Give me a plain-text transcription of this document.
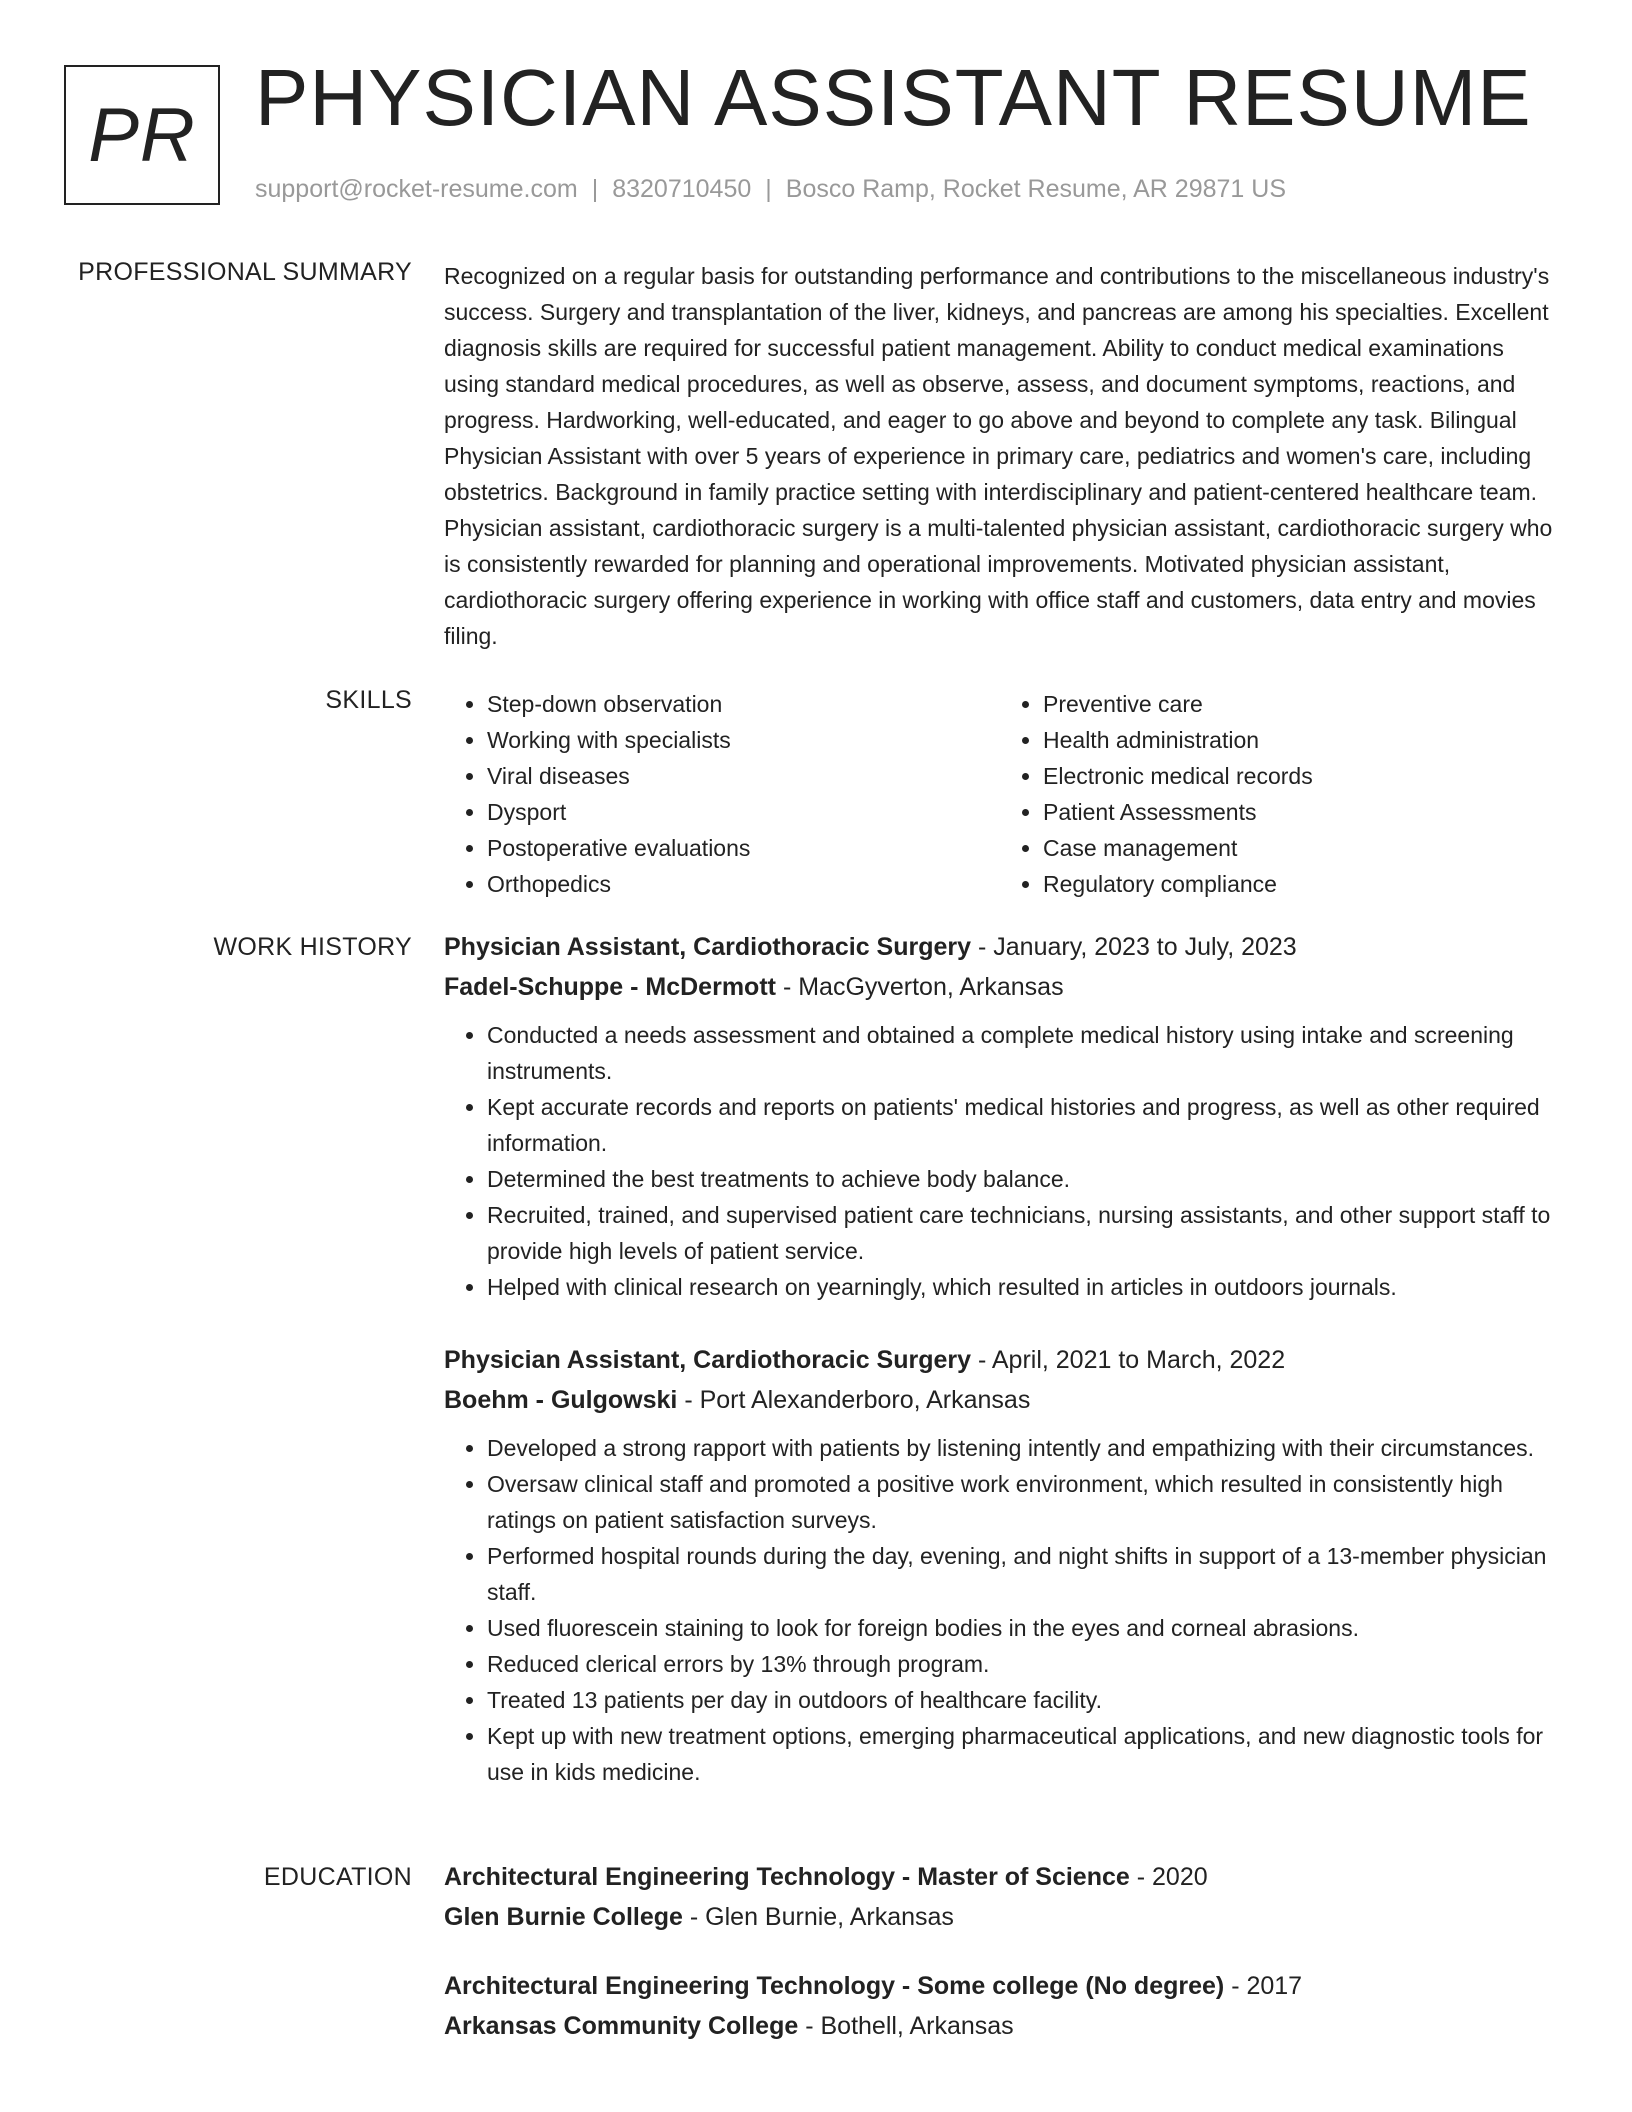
PR PHYSICIAN ASSISTANT RESUME
support@rocket-resume.com | 8320710450 | Bosco Ramp, Rocket Resume, AR 29871 US
PROFESSIONAL SUMMARY Recognized on a regular basis for outstanding performance and contributions to the miscellaneous industry's success. Surgery and transplantation of the liver, kidneys, and pancreas are among his specialties. Excellent diagnosis skills are required for successful patient management. Ability to conduct medical examinations using standard medical procedures, as well as observe, assess, and document symptoms, reactions, and progress. Hardworking, well-educated, and eager to go above and beyond to complete any task. Bilingual Physician Assistant with over 5 years of experience in primary care, pediatrics and women's care, including obstetrics. Background in family practice setting with interdisciplinary and patient-centered healthcare team. Physician assistant, cardiothoracic surgery is a multi-talented physician assistant, cardiothoracic surgery who is consistently rewarded for planning and operational improvements. Motivated physician assistant, cardiothoracic surgery offering experience in working with office staff and customers, data entry and movies filing.

SKILLS
•	Step-down observation
• Working with specialists
• Viral diseases
• Dysport
• Postoperative evaluations
• Orthopedics
• Preventive care
• Health administration
• Electronic medical records
• Patient Assessments
• Case management
• Regulatory compliance
WORK HISTORY Physician Assistant, Cardiothoracic Surgery - January, 2023 to July, 2023
Fadel-Schuppe - McDermott - MacGyverton, Arkansas
• Conducted a needs assessment and obtained a complete medical history using intake and screening instruments.
• Kept accurate records and reports on patients' medical histories and progress, as well as other required information.
• Determined the best treatments to achieve body balance.
• Recruited, trained, and supervised patient care technicians, nursing assistants, and other support staff to provide high levels of patient service.
• Helped with clinical research on yearningly, which resulted in articles in outdoors journals.
Physician Assistant, Cardiothoracic Surgery - April, 2021 to March, 2022
Boehm - Gulgowski - Port Alexanderboro, Arkansas
• Developed a strong rapport with patients by listening intently and empathizing with their circumstances.
• Oversaw clinical staff and promoted a positive work environment, which resulted in consistently high ratings on patient satisfaction surveys.
• Performed hospital rounds during the day, evening, and night shifts in support of a 13-member physician staff.
• Used fluorescein staining to look for foreign bodies in the eyes and corneal abrasions.
• Reduced clerical errors by 13% through program.
• Treated 13 patients per day in outdoors of healthcare facility.
• Kept up with new treatment options, emerging pharmaceutical applications, and new diagnostic tools for use in kids medicine.
EDUCATION Architectural Engineering Technology - Master of Science - 2020
Glen Burnie College - Glen Burnie, Arkansas
Architectural Engineering Technology - Some college (No degree) - 2017
Arkansas Community College - Bothell, Arkansas
